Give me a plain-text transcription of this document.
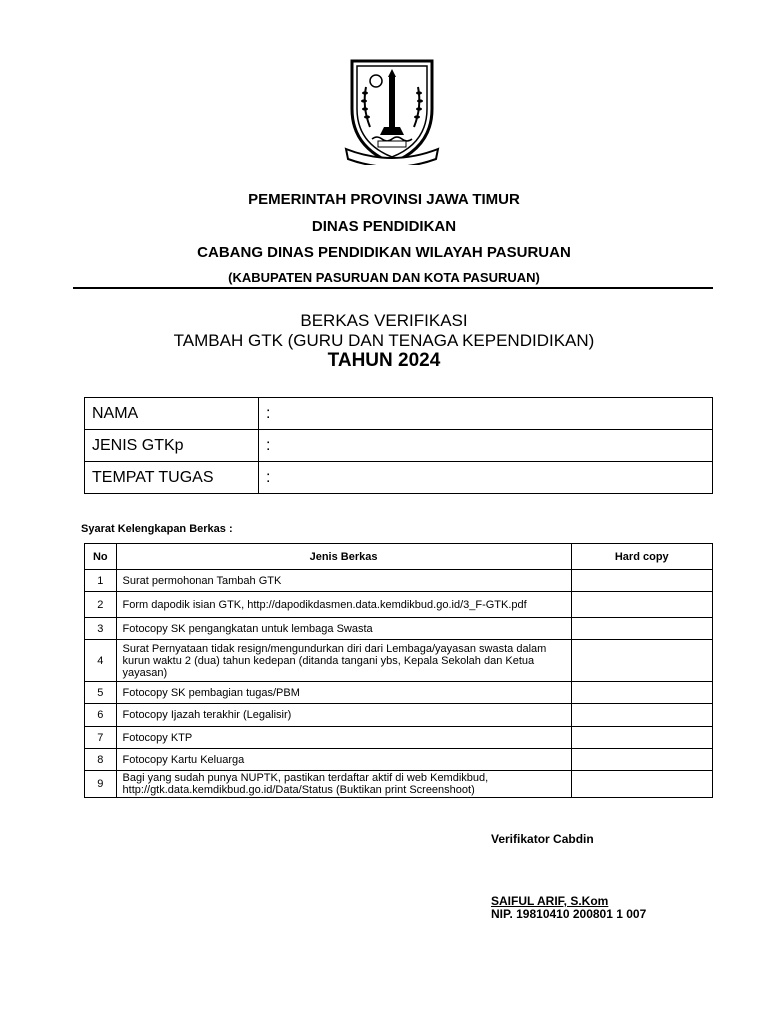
PEMERINTAH PROVINSI JAWA TIMUR
DINAS PENDIDIKAN
CABANG DINAS PENDIDIKAN WILAYAH PASURUAN
(KABUPATEN PASURUAN DAN KOTA PASURUAN)
BERKAS VERIFIKASI
TAMBAH GTK (GURU DAN TENAGA KEPENDIDIKAN)
TAHUN 2024
NAMA	:
JENIS GTKp	:
TEMPAT TUGAS	:
Syarat Kelengkapan Berkas :
No	Jenis Berkas	Hard copy
1	Surat permohonan Tambah GTK	
2	Form dapodik isian GTK, http://dapodikdasmen.data.kemdikbud.go.id/3_F-GTK.pdf	
3	Fotocopy SK pengangkatan untuk lembaga Swasta	
4	Surat Pernyataan tidak resign/mengundurkan diri dari Lembaga/yayasan swasta dalam kurun waktu 2 (dua) tahun kedepan (ditanda tangani ybs, Kepala Sekolah dan Ketua yayasan)	
5	Fotocopy SK pembagian tugas/PBM	
6	Fotocopy Ijazah terakhir (Legalisir)	
7	Fotocopy KTP	
8	Fotocopy Kartu Keluarga	
9	Bagi yang sudah punya NUPTK, pastikan terdaftar aktif di web Kemdikbud, http://gtk.data.kemdikbud.go.id/Data/Status (Buktikan print Screenshoot)	
Verifikator Cabdin
SAIFUL ARIF, S.Kom
NIP. 19810410 200801 1 007
